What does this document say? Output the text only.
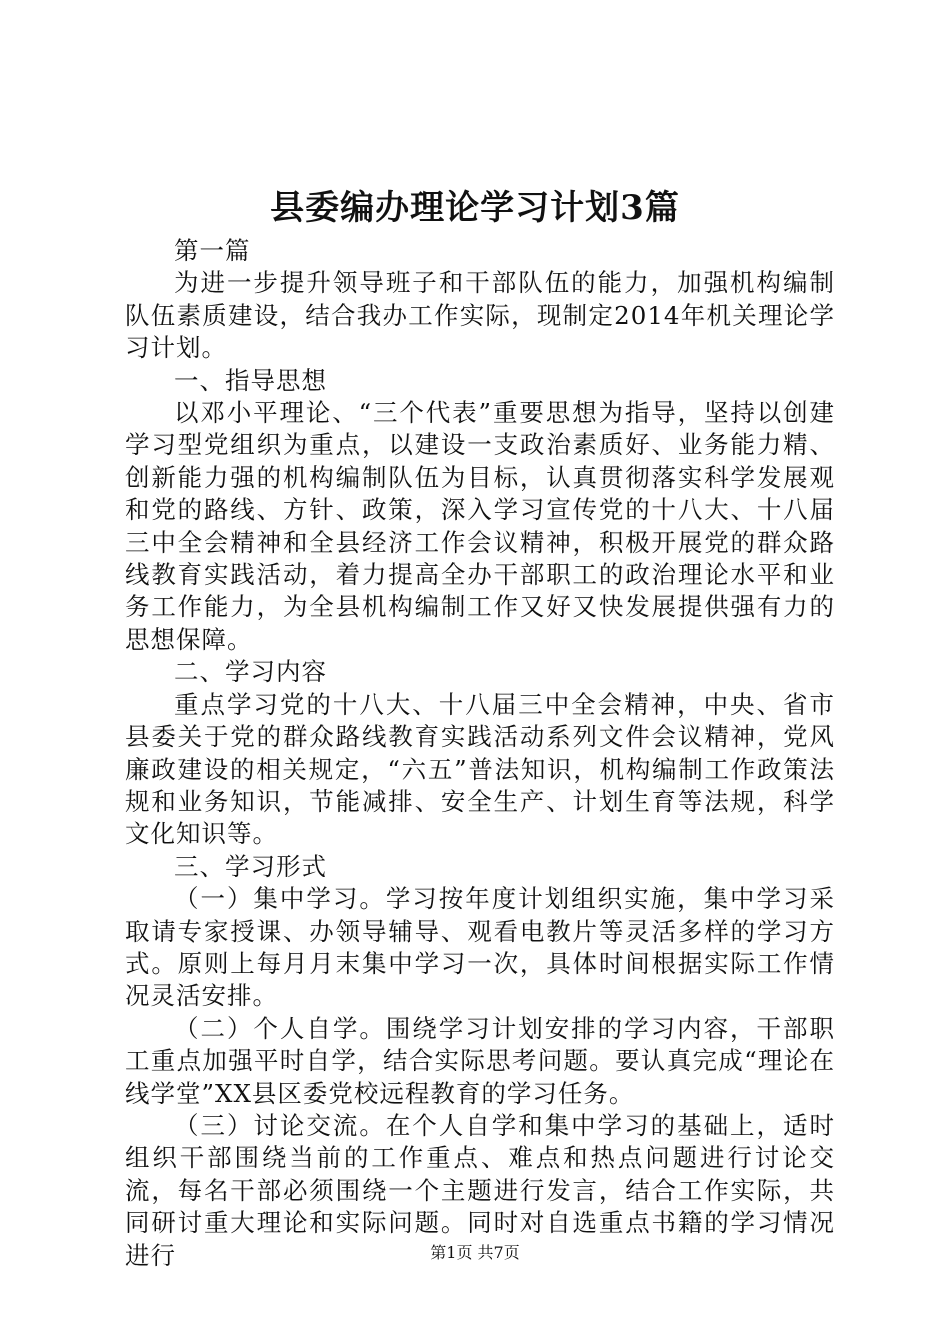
县委编办理论学习计划3篇

第一篇

为进一步提升领导班子和干部队伍的能力，加强机构编制队伍素质建设，结合我办工作实际，现制定2014年机关理论学习计划。

一、指导思想

以邓小平理论、“三个代表”重要思想为指导，坚持以创建学习型党组织为重点，以建设一支政治素质好、业务能力精、创新能力强的机构编制队伍为目标，认真贯彻落实科学发展观和党的路线、方针、政策，深入学习宣传党的十八大、十八届三中全会精神和全县经济工作会议精神，积极开展党的群众路线教育实践活动，着力提高全办干部职工的政治理论水平和业务工作能力，为全县机构编制工作又好又快发展提供强有力的思想保障。

二、学习内容

重点学习党的十八大、十八届三中全会精神，中央、省市县委关于党的群众路线教育实践活动系列文件会议精神，党风廉政建设的相关规定，“六五”普法知识，机构编制工作政策法规和业务知识，节能减排、安全生产、计划生育等法规，科学文化知识等。

三、学习形式

（一）集中学习。学习按年度计划组织实施，集中学习采取请专家授课、办领导辅导、观看电教片等灵活多样的学习方式。原则上每月月末集中学习一次，具体时间根据实际工作情况灵活安排。

（二）个人自学。围绕学习计划安排的学习内容，干部职工重点加强平时自学，结合实际思考问题。要认真完成“理论在线学堂”XX县区委党校远程教育的学习任务。

（三）讨论交流。在个人自学和集中学习的基础上，适时组织干部围绕当前的工作重点、难点和热点问题进行讨论交流，每名干部必须围绕一个主题进行发言，结合工作实际，共同研讨重大理论和实际问题。同时对自选重点书籍的学习情况进行	第1页 共7页
